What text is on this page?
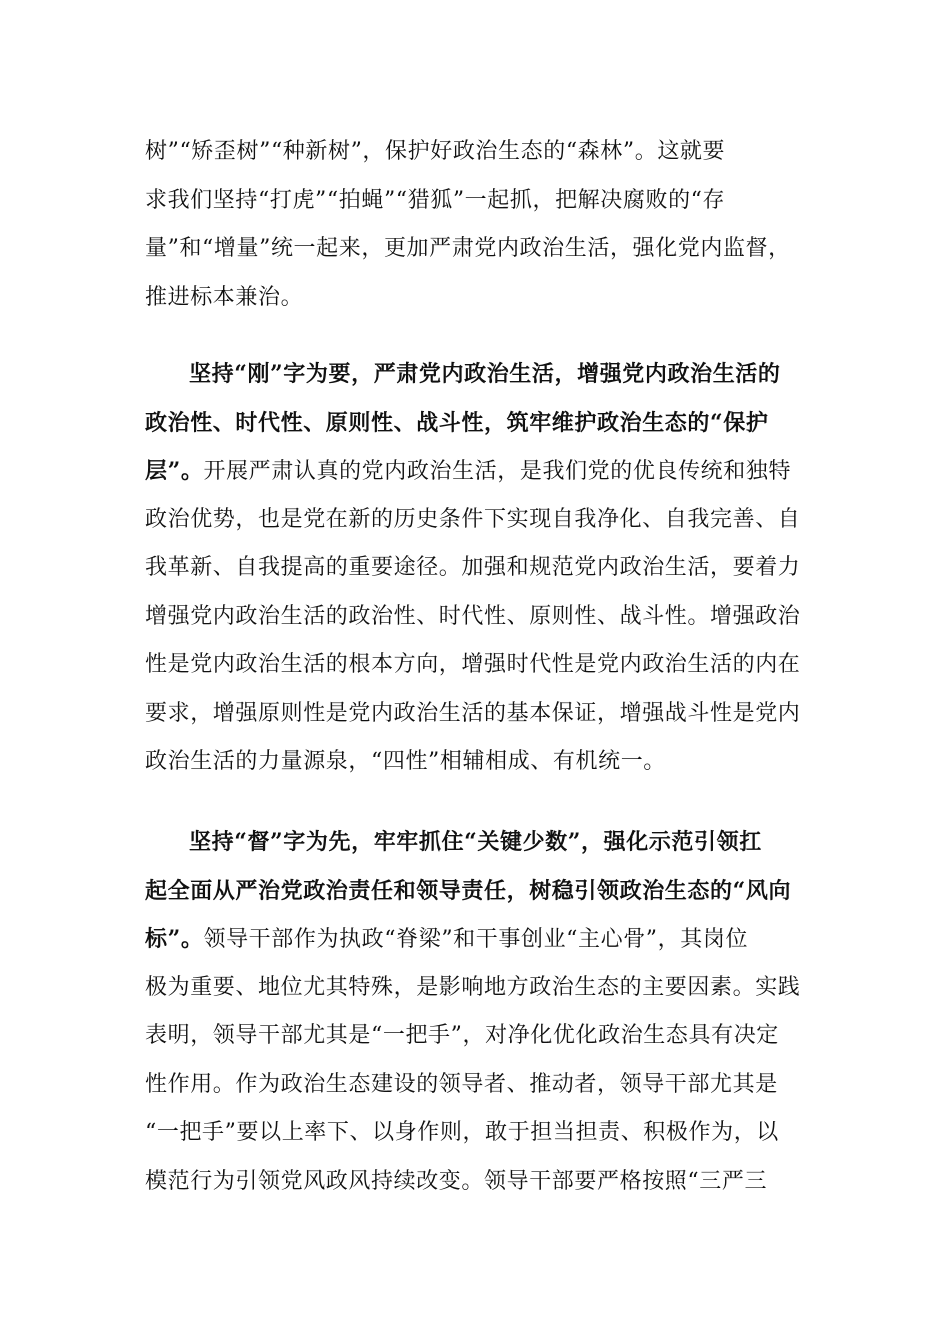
树”“矫歪树”“种新树”，保护好政治生态的“森林”。这就要
求我们坚持“打虎”“拍蝇”“猎狐”一起抓，把解决腐败的“存
量”和“增量”统一起来，更加严肃党内政治生活，强化党内监督，
推进标本兼治。
坚持“刚”字为要，严肃党内政治生活，增强党内政治生活的
政治性、时代性、原则性、战斗性，筑牢维护政治生态的“保护
层”。开展严肃认真的党内政治生活，是我们党的优良传统和独特
政治优势，也是党在新的历史条件下实现自我净化、自我完善、自
我革新、自我提高的重要途径。加强和规范党内政治生活，要着力
增强党内政治生活的政治性、时代性、原则性、战斗性。增强政治
性是党内政治生活的根本方向，增强时代性是党内政治生活的内在
要求，增强原则性是党内政治生活的基本保证，增强战斗性是党内
政治生活的力量源泉，“四性”相辅相成、有机统一。
坚持“督”字为先，牢牢抓住“关键少数”，强化示范引领扛
起全面从严治党政治责任和领导责任，树稳引领政治生态的“风向
标”。领导干部作为执政“脊梁”和干事创业“主心骨”，其岗位
极为重要、地位尤其特殊，是影响地方政治生态的主要因素。实践
表明，领导干部尤其是“一把手”，对净化优化政治生态具有决定
性作用。作为政治生态建设的领导者、推动者，领导干部尤其是
“一把手”要以上率下、以身作则，敢于担当担责、积极作为，以
模范行为引领党风政风持续改变。领导干部要严格按照“三严三
